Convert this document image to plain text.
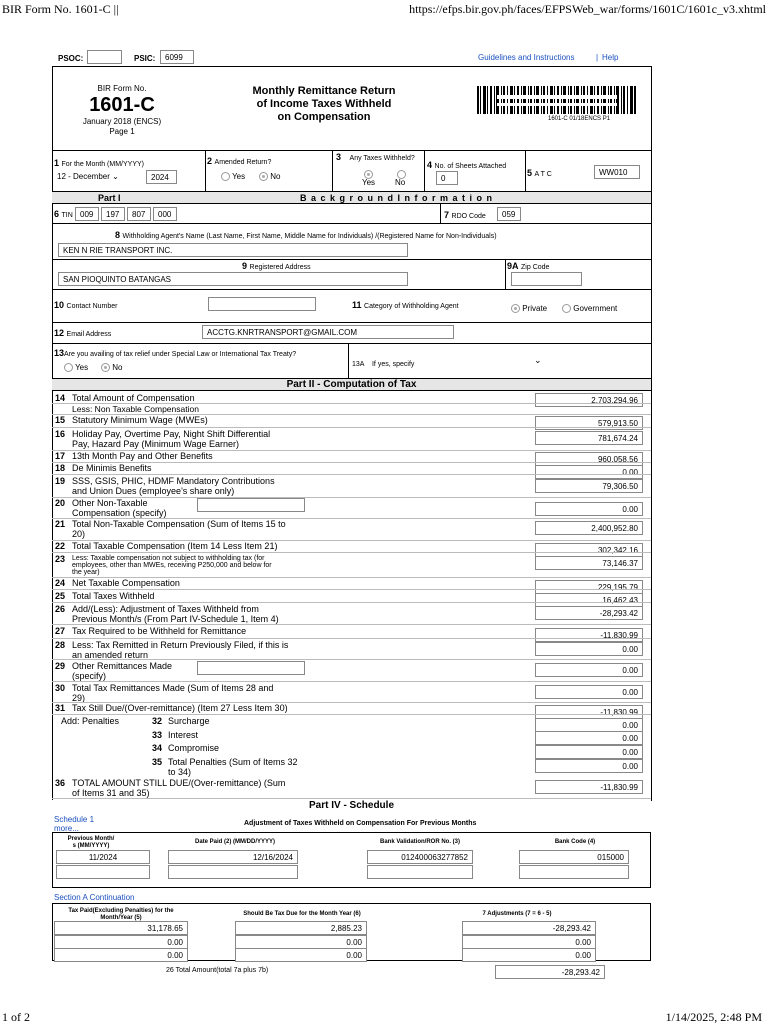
BIR Form No. 1601-C ||	https://efps.bir.gov.ph/faces/EFPSWeb_war/forms/1601C/1601c_v3.xhtml
1 of 2	1/14/2025, 2:48 PM
PSOC:	PSIC:	6099	Guidelines and Instructions	| Help
BIR Form No.
1601-C
January 2018 (ENCS)
Page 1
Monthly Remittance Return
of Income Taxes Withheld
on Compensation	1601-C 01/18ENCS P1
1 For the Month (MM/YYYY)
12 - December ⌄	2024
2 Amended Return?
Yes	No
3 Any Taxes Withheld?
Yes No
4 No. of Sheets Attached
0
5 A T C	WW010
Part I	B a c k g r o u n d I n f o r m a t i o n
6 TIN 009	197	807	000	7 RDO Code	059
8 Withholding Agent's Name (Last Name, First Name, Middle Name for Individuals) /(Registered Name for Non-Individuals)
KEN N RIE TRANSPORT INC.
9 Registered Address
SAN PIOQUINTO BATANGAS
9A Zip Code
10 Contact Number	11 Category of Withholding Agent	Private	Government
12 Email Address	ACCTG.KNRTRANSPORT@GMAIL.COM
13Are you availing of tax relief under Special Law or International Tax Treaty?
Yes	No	13A If yes, specify	⌄
Part II - Computation of Tax
14 Total Amount of Compensation	2,703,294.96
Less: Non Taxable Compensation
15 Statutory Minimum Wage (MWEs)	579,913.50
16 Holiday Pay, Overtime Pay, Night Shift Differential
Pay, Hazard Pay (Minimum Wage Earner)
781,674.24
17 13th Month Pay and Other Benefits	960,058.56
18 De Minimis Benefits	0.00
19 SSS, GSIS, PHIC, HDMF Mandatory Contributions
and Union Dues (employee's share only)	79,306.50
20 Other Non-Taxable
Compensation (specify)	0.00
21 Total Non-Taxable Compensation (Sum of Items 15 to
20)
2,400,952.80
22 Total Taxable Compensation (Item 14 Less Item 21)	302,342.16
23 Less: Taxable compensation not subject to withholding tax (for
employees, other than MWEs, receiving P250,000 and below for
the year)
73,146.37
24 Net Taxable Compensation	229,195.79
25 Total Taxes Withheld	16,462.43
26 Add/(Less): Adjustment of Taxes Withheld from
Previous Month/s (From Part IV-Schedule 1, Item 4)
-28,293.42
27 Tax Required to be Withheld for Remittance	-11,830.99
28 Less: Tax Remitted in Return Previously Filed, if this is
an amended return
0.00
29 Other Remittances Made
(specify)
0.00
30 Total Tax Remittances Made (Sum of Items 28 and
29)
0.00
31 Tax Still Due/(Over-remittance) (Item 27 Less Item 30)	-11,830.99
32 Surcharge	0.00
33 Interest	0.00
34 Compromise	0.00
35 Total Penalties (Sum of Items 32
to 34)
0.00
36 TOTAL AMOUNT STILL DUE/(Over-remittance) (Sum
of Items 31 and 35)
-11,830.99
Add: Penalties
Part IV - Schedule
Schedule 1
more...
Adjustment of Taxes Withheld on Compensation For Previous Months
Previous Month/
s (MM/YYYY)
Date Paid (2) (MM/DD/YYYY)	Bank Validation/ROR No. (3)	Bank Code (4)
11/2024	12/16/2024	012400063277852	015000
Section A Continuation
Tax Paid(Excluding Penalties) for the
Month/Year (5)
Should Be Tax Due for the Month Year (6)	7 Adjustments (7 = 6 - 5)
31,178.65	2,885.23	-28,293.42
0.00	0.00	0.00
0.00	0.00	0.00
26 Total Amount(total 7a plus 7b)	-28,293.42
